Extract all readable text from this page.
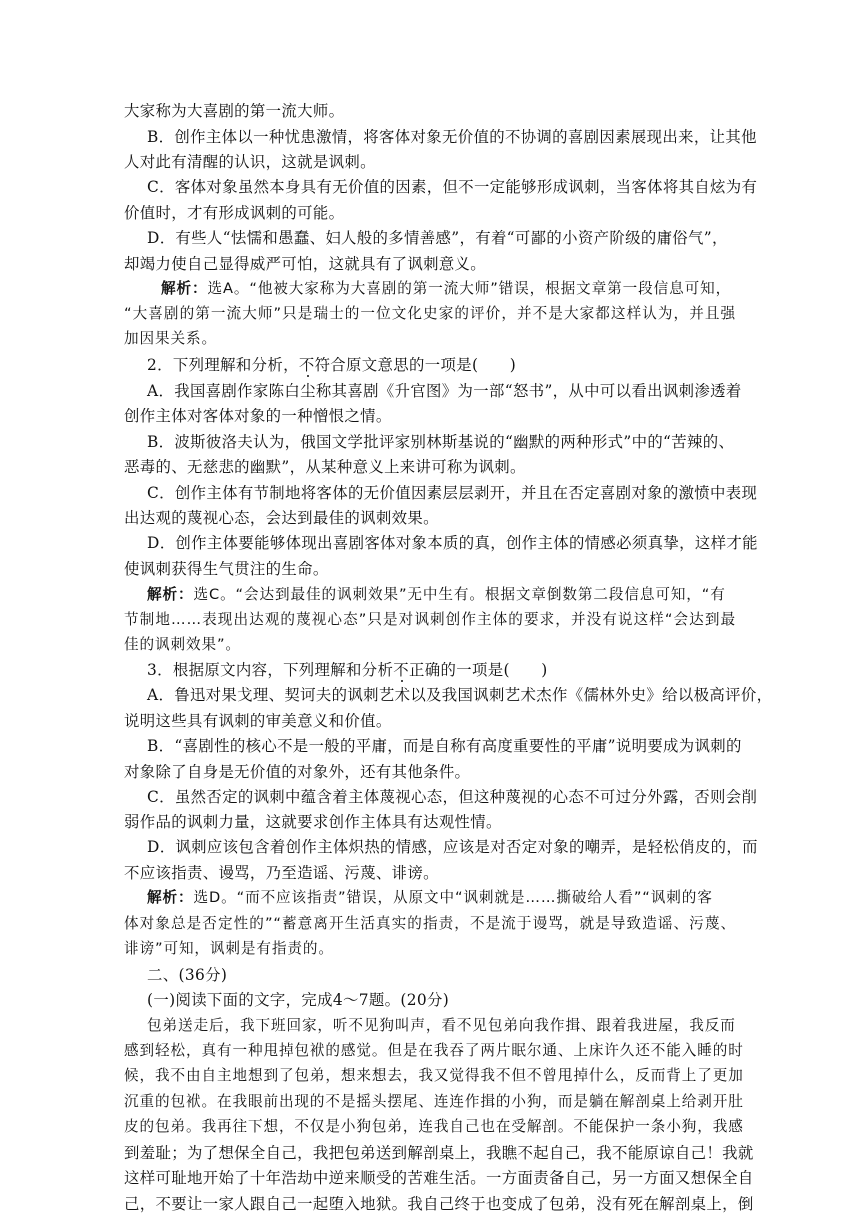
大家称为大喜剧的第一流大师。
B．创作主体以一种忧患激情，将客体对象无价值的不协调的喜剧因素展现出来，让其他
人对此有清醒的认识，这就是讽刺。
C．客体对象虽然本身具有无价值的因素，但不一定能够形成讽刺，当客体将其自炫为有
价值时，才有形成讽刺的可能。
D．有些人“怯懦和愚蠢、妇人般的多情善感”，有着“可鄙的小资产阶级的庸俗气”，
却竭力使自己显得威严可怕，这就具有了讽刺意义。
解析：选A。“他被大家称为大喜剧的第一流大师”错误，根据文章第一段信息可知，
“大喜剧的第一流大师”只是瑞士的一位文化史家的评价，并不是大家都这样认为，并且强
加因果关系。
2．下列理解和分析，不符合原文意思的一项是(　　)
A．我国喜剧作家陈白尘称其喜剧《升官图》为一部“怒书”，从中可以看出讽刺渗透着
创作主体对客体对象的一种憎恨之情。
B．波斯彼洛夫认为，俄国文学批评家别林斯基说的“幽默的两种形式”中的“苦辣的、
恶毒的、无慈悲的幽默”，从某种意义上来讲可称为讽刺。
C．创作主体有节制地将客体的无价值因素层层剥开，并且在否定喜剧对象的激愤中表现
出达观的蔑视心态，会达到最佳的讽刺效果。
D．创作主体要能够体现出喜剧客体对象本质的真，创作主体的情感必须真挚，这样才能
使讽刺获得生气贯注的生命。
解析：选C。“会达到最佳的讽刺效果”无中生有。根据文章倒数第二段信息可知，“有
节制地……表现出达观的蔑视心态”只是对讽刺创作主体的要求，并没有说这样“会达到最
佳的讽刺效果”。
3．根据原文内容，下列理解和分析不正确的一项是(　　)
A．鲁迅对果戈理、契诃夫的讽刺艺术以及我国讽刺艺术杰作《儒林外史》给以极高评价，
说明这些具有讽刺的审美意义和价值。
B．“喜剧性的核心不是一般的平庸，而是自称有高度重要性的平庸”说明要成为讽刺的
对象除了自身是无价值的对象外，还有其他条件。
C．虽然否定的讽刺中蕴含着主体蔑视心态，但这种蔑视的心态不可过分外露，否则会削
弱作品的讽刺力量，这就要求创作主体具有达观性情。
D．讽刺应该包含着创作主体炽热的情感，应该是对否定对象的嘲弄，是轻松俏皮的，而
不应该指责、谩骂，乃至造谣、污蔑、诽谤。
解析：选D。“而不应该指责”错误，从原文中“讽刺就是……撕破给人看”“讽刺的客
体对象总是否定性的”“蓄意离开生活真实的指责，不是流于谩骂，就是导致造谣、污蔑、
诽谤”可知，讽刺是有指责的。
二、(36分)
(一)阅读下面的文字，完成4～7题。(20分)
包弟送走后，我下班回家，听不见狗叫声，看不见包弟向我作揖、跟着我进屋，我反而
感到轻松，真有一种甩掉包袱的感觉。但是在我吞了两片眠尔通、上床许久还不能入睡的时
候，我不由自主地想到了包弟，想来想去，我又觉得我不但不曾甩掉什么，反而背上了更加
沉重的包袱。在我眼前出现的不是摇头摆尾、连连作揖的小狗，而是躺在解剖桌上给剥开肚
皮的包弟。我再往下想，不仅是小狗包弟，连我自己也在受解剖。不能保护一条小狗，我感
到羞耻；为了想保全自己，我把包弟送到解剖桌上，我瞧不起自己，我不能原谅自己！我就
这样可耻地开始了十年浩劫中逆来顺受的苦难生活。一方面责备自己，另一方面又想保全自
己，不要让一家人跟自己一起堕入地狱。我自己终于也变成了包弟，没有死在解剖桌上，倒
